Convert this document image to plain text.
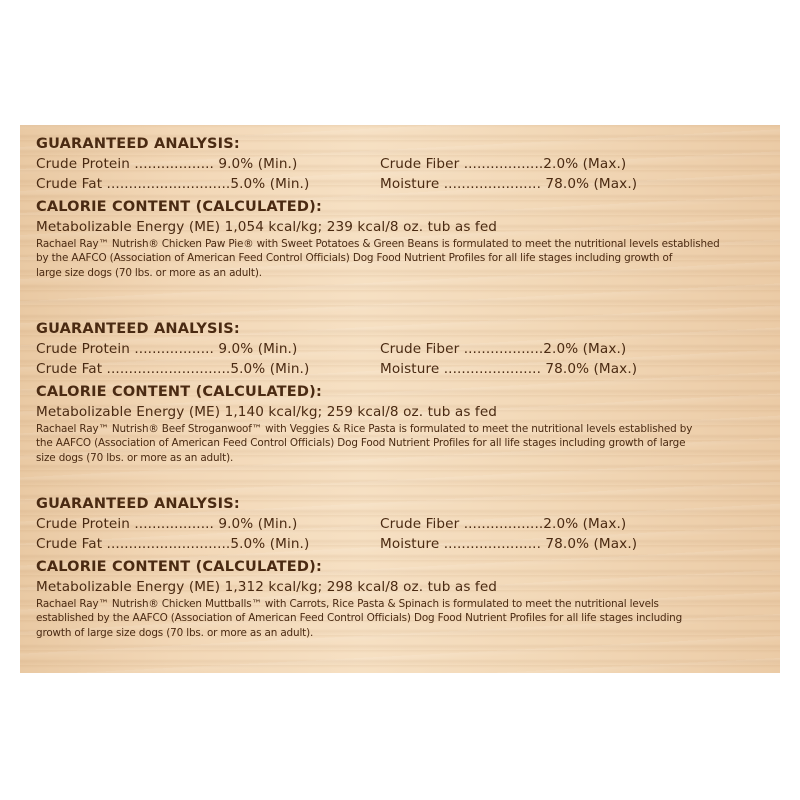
GUARANTEED ANALYSIS:
Crude Protein .................. 9.0% (Min.)	Crude Fiber ..................2.0% (Max.)
Crude Fat ............................5.0% (Min.)	Moisture ...................... 78.0% (Max.)
CALORIE CONTENT (CALCULATED):
Metabolizable Energy (ME) 1,054 kcal/kg; 239 kcal/8 oz. tub as fed
Rachael Ray™ Nutrish® Chicken Paw Pie® with Sweet Potatoes & Green Beans is formulated to meet the nutritional levels established
by the AAFCO (Association of American Feed Control Officials) Dog Food Nutrient Profiles for all life stages including growth of
large size dogs (70 lbs. or more as an adult).
GUARANTEED ANALYSIS:
Crude Protein .................. 9.0% (Min.)	Crude Fiber ..................2.0% (Max.)
Crude Fat ............................5.0% (Min.)	Moisture ...................... 78.0% (Max.)
CALORIE CONTENT (CALCULATED):
Metabolizable Energy (ME) 1,140 kcal/kg; 259 kcal/8 oz. tub as fed
Rachael Ray™ Nutrish® Beef Stroganwoof™ with Veggies & Rice Pasta is formulated to meet the nutritional levels established by
the AAFCO (Association of American Feed Control Officials) Dog Food Nutrient Profiles for all life stages including growth of large
size dogs (70 lbs. or more as an adult).
GUARANTEED ANALYSIS:
Crude Protein .................. 9.0% (Min.)	Crude Fiber ..................2.0% (Max.)
Crude Fat ............................5.0% (Min.)	Moisture ...................... 78.0% (Max.)
CALORIE CONTENT (CALCULATED):
Metabolizable Energy (ME) 1,312 kcal/kg; 298 kcal/8 oz. tub as fed
Rachael Ray™ Nutrish® Chicken Muttballs™ with Carrots, Rice Pasta & Spinach is formulated to meet the nutritional levels
established by the AAFCO (Association of American Feed Control Officials) Dog Food Nutrient Profiles for all life stages including
growth of large size dogs (70 lbs. or more as an adult).
